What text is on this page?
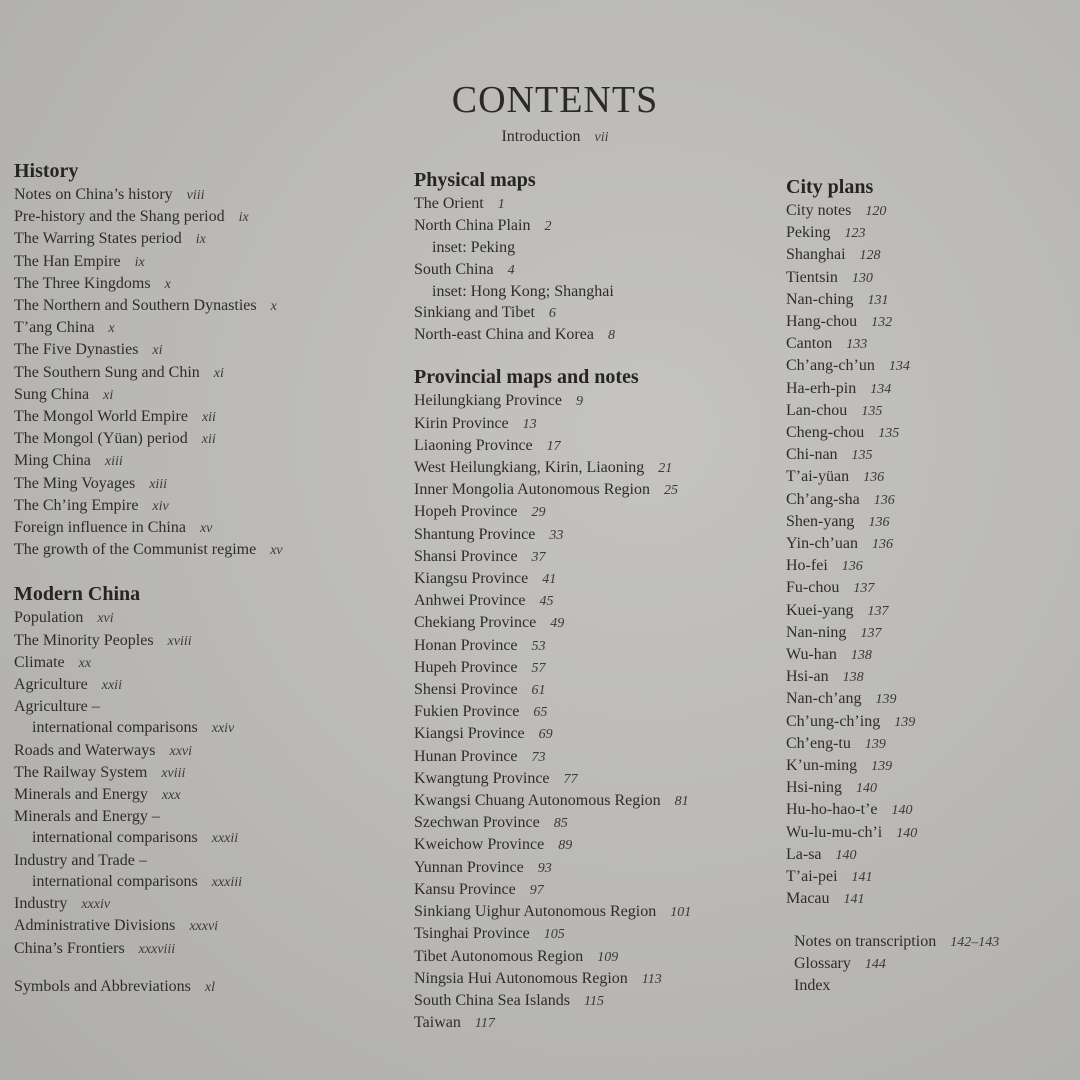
CONTENTS
Introduction vii
History
Notes on China’s history viii
Pre-history and the Shang period ix
The Warring States period ix
The Han Empire ix
The Three Kingdoms x
The Northern and Southern Dynasties x
T’ang China x
The Five Dynasties xi
The Southern Sung and Chin xi
Sung China xi
The Mongol World Empire xii
The Mongol (Yüan) period xii
Ming China xiii
The Ming Voyages xiii
The Ch’ing Empire xiv
Foreign influence in China xv
The growth of the Communist regime xv
Modern China
Population xvi
The Minority Peoples xviii
Climate xx
Agriculture xxii
Agriculture –
international comparisons xxiv
Roads and Waterways xxvi
The Railway System xviii
Minerals and Energy xxx
Minerals and Energy –
international comparisons xxxii
Industry and Trade –
international comparisons xxxiii
Industry xxxiv
Administrative Divisions xxxvi
China’s Frontiers xxxviii
Symbols and Abbreviations xl
Physical maps
The Orient 1
North China Plain 2
inset: Peking
South China 4
inset: Hong Kong; Shanghai
Sinkiang and Tibet 6
North-east China and Korea 8
Provincial maps and notes
Heilungkiang Province 9
Kirin Province 13
Liaoning Province 17
West Heilungkiang, Kirin, Liaoning 21
Inner Mongolia Autonomous Region 25
Hopeh Province 29
Shantung Province 33
Shansi Province 37
Kiangsu Province 41
Anhwei Province 45
Chekiang Province 49
Honan Province 53
Hupeh Province 57
Shensi Province 61
Fukien Province 65
Kiangsi Province 69
Hunan Province 73
Kwangtung Province 77
Kwangsi Chuang Autonomous Region 81
Szechwan Province 85
Kweichow Province 89
Yunnan Province 93
Kansu Province 97
Sinkiang Uighur Autonomous Region 101
Tsinghai Province 105
Tibet Autonomous Region 109
Ningsia Hui Autonomous Region 113
South China Sea Islands 115
Taiwan 117
City plans
City notes 120
Peking 123
Shanghai 128
Tientsin 130
Nan-ching 131
Hang-chou 132
Canton 133
Ch’ang-ch’un 134
Ha-erh-pin 134
Lan-chou 135
Cheng-chou 135
Chi-nan 135
T’ai-yüan 136
Ch’ang-sha 136
Shen-yang 136
Yin-ch’uan 136
Ho-fei 136
Fu-chou 137
Kuei-yang 137
Nan-ning 137
Wu-han 138
Hsi-an 138
Nan-ch’ang 139
Ch’ung-ch’ing 139
Ch’eng-tu 139
K’un-ming 139
Hsi-ning 140
Hu-ho-hao-t’e 140
Wu-lu-mu-ch’i 140
La-sa 140
T’ai-pei 141
Macau 141
Notes on transcription 142–143
Glossary 144
Index
